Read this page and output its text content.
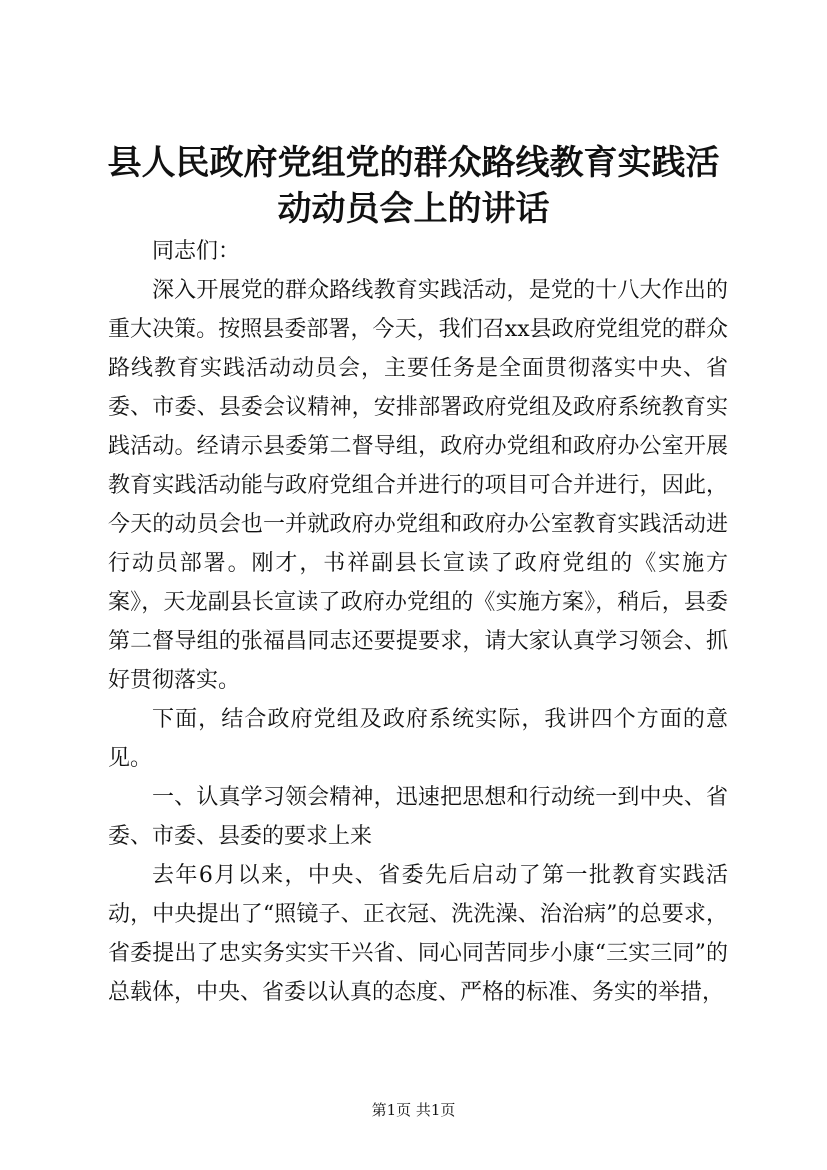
县人民政府党组党的群众路线教育实践活动动员会上的讲话

同志们：

深入开展党的群众路线教育实践活动，是党的十八大作出的重大决策。按照县委部署，今天，我们召xx县政府党组党的群众路线教育实践活动动员会，主要任务是全面贯彻落实中央、省委、市委、县委会议精神，安排部署政府党组及政府系统教育实践活动。经请示县委第二督导组，政府办党组和政府办公室开展教育实践活动能与政府党组合并进行的项目可合并进行，因此，今天的动员会也一并就政府办党组和政府办公室教育实践活动进行动员部署。刚才，书祥副县长宣读了政府党组的《实施方案》，天龙副县长宣读了政府办党组的《实施方案》，稍后，县委第二督导组的张福昌同志还要提要求，请大家认真学习领会、抓好贯彻落实。

下面，结合政府党组及政府系统实际，我讲四个方面的意见。

一、认真学习领会精神，迅速把思想和行动统一到中央、省委、市委、县委的要求上来

去年6月以来，中央、省委先后启动了第一批教育实践活动，中央提出了“照镜子、正衣冠、洗洗澡、治治病”的总要求，省委提出了忠实务实实干兴省、同心同苦同步小康“三实三同”的总载体，中央、省委以认真的态度、严格的标准、务实的举措，

第1页 共1页
